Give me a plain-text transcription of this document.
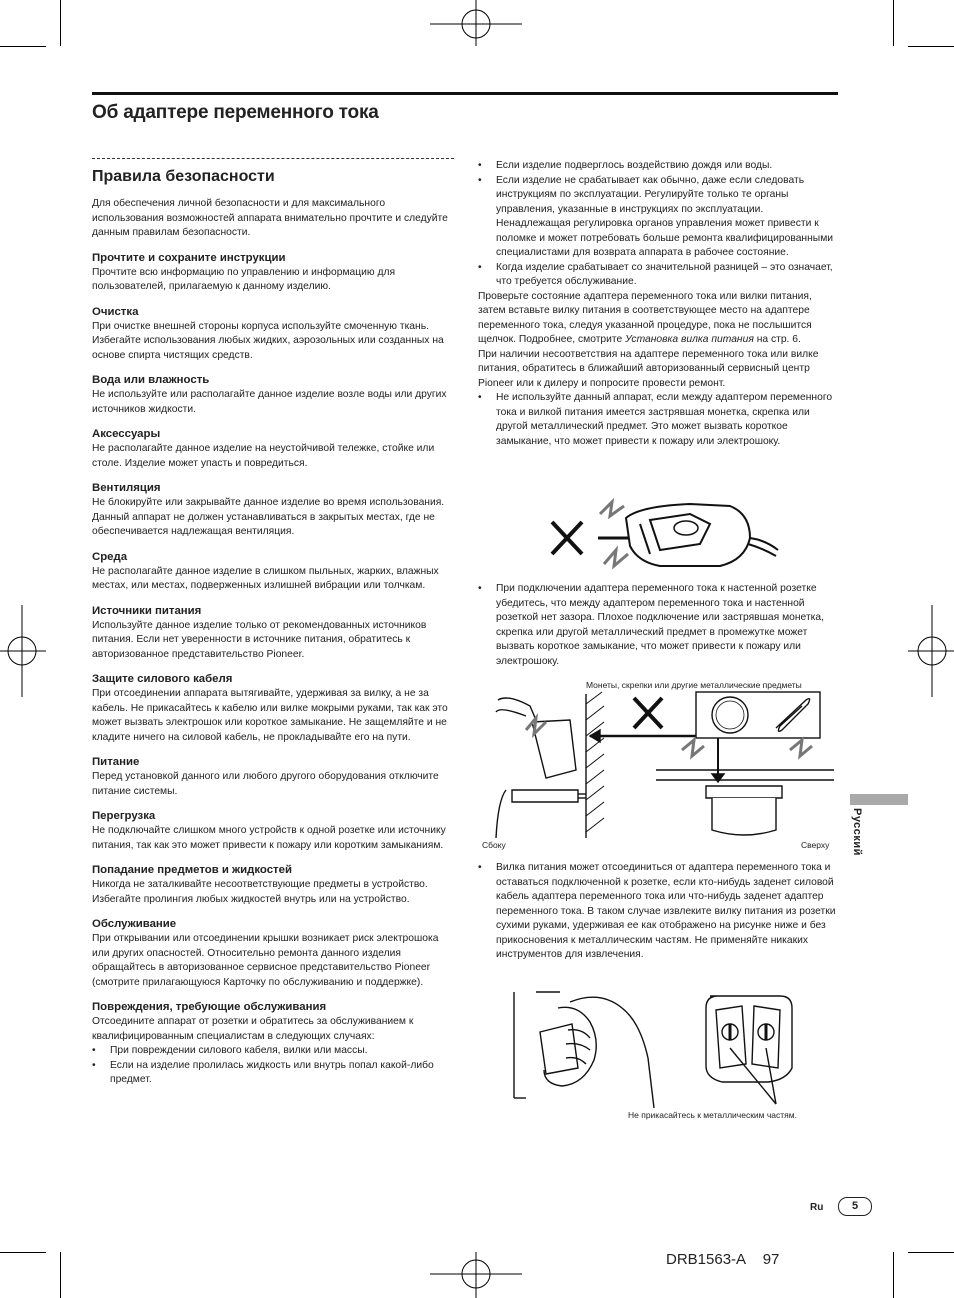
Об адаптере переменного тока
Правила безопасности

Для обеспечения личной безопасности и для максимального использования возможностей аппарата внимательно прочтите и следуйте данным правилам безопасности.

Прочтите и сохраните инструкции

Прочтите всю информацию по управлению и информацию для пользователей, прилагаемую к данному изделию.

Очистка

При очистке внешней стороны корпуса используйте смоченную ткань. Избегайте использования любых жидких, аэрозольных или созданных на основе спирта чистящих средств.

Вода или влажность

Не используйте или располагайте данное изделие возле воды или других источников жидкости.

Аксессуары

Не располагайте данное изделие на неустойчивой тележке, стойке или столе. Изделие может упасть и повредиться.

Вентиляция

Не блокируйте или закрывайте данное изделие во время использования. Данный аппарат не должен устанавливаться в закрытых местах, где не обеспечивается надлежащая вентиляция.

Среда

Не располагайте данное изделие в слишком пыльных, жарких, влажных местах, или местах, подверженных излишней вибрации или толчкам.

Источники питания

Используйте данное изделие только от рекомендованных источников питания. Если нет уверенности в источнике питания, обратитесь к авторизованное представительство Pioneer.

Защите силового кабеля

При отсоединении аппарата вытягивайте, удерживая за вилку, а не за кабель. Не прикасайтесь к кабелю или вилке мокрыми руками, так как это может вызвать электрошок или короткое замыкание. Не защемляйте и не кладите ничего на силовой кабель, не прокладывайте его на пути.

Питание

Перед установкой данного или любого другого оборудования отключите питание системы.

Перегрузка

Не подключайте слишком много устройств к одной розетке или источнику питания, так как это может привести к пожару или коротким замыканиям.

Попадание предметов и жидкостей

Никогда не заталкивайте несоответствующие предметы в устройство. Избегайте пролингия любых жидкостей внутрь или на устройство.

Обслуживание

При открывании или отсоединении крышки возникает риск электрошока или других опасностей. Относительно ремонта данного изделия обращайтесь в авторизованное сервисное представительство Pioneer (смотрите прилагающуюся Карточку по обслуживанию и поддержке).

Повреждения, требующие обслуживания

Отсоедините аппарат от розетки и обратитесь за обслуживанием к квалифицированным специалистам в следующих случаях:

• При повреждении силового кабеля, вилки или массы.
• Если на изделие пролилась жидкость или внутрь попал какой-либо предмет.
• Если изделие подверглось воздействию дождя или воды.
• Если изделие не срабатывает как обычно, даже если следовать инструкциям по эксплуатации. Регулируйте только те органы управления, указанные в инструкциях по эксплуатации. Ненадлежащая регулировка органов управления может привести к поломке и может потребовать больше ремонта квалифицированными специалистами для возврата аппарата в рабочее состояние.
• Когда изделие срабатывает со значительной разницей – это означает, что требуется обслуживание.

Проверьте состояние адаптера переменного тока или вилки питания, затем вставьте вилку питания в соответствующее место на адаптере переменного тока, следуя указанной процедуре, пока не послышится щелчок. Подробнее, смотрите Установка вилка питания на стр. 6.

При наличии несоответствия на адаптере переменного тока или вилке питания, обратитесь в ближайший авторизованный сервисный центр Pioneer или к дилеру и попросите провести ремонт.

• Не используйте данный аппарат, если между адаптером переменного тока и вилкой питания имеется застрявшая монетка, скрепка или другой металлический предмет. Это может вызвать короткое замыкание, что может привести к пожару или электрошоку.
• При подключении адаптера переменного тока к настенной розетке убедитесь, что между адаптером переменного тока и настенной розеткой нет зазора. Плохое подключение или застрявшая монетка, скрепка или другой металлический предмет в промежутке может вызвать короткое замыкание, что может привести к пожару или электрошоку.
Монеты, скрепки или другие металлические предметы
Сбоку	Сверху
• Вилка питания может отсоединиться от адаптера переменного тока и оставаться подключенной к розетке, если кто-нибудь заденет силовой кабель адаптера переменного тока или что-нибудь заденет адаптер переменного тока. В таком случае извлеките вилку питания из розетки сухими руками, удерживая ее как отображено на рисунке ниже и без прикосновения к металлическим частям. Не применяйте никаких инструментов для извлечения.
Не прикасайтесь к металлическим частям.
Русский
Ru	5
DRB1563-A 97
